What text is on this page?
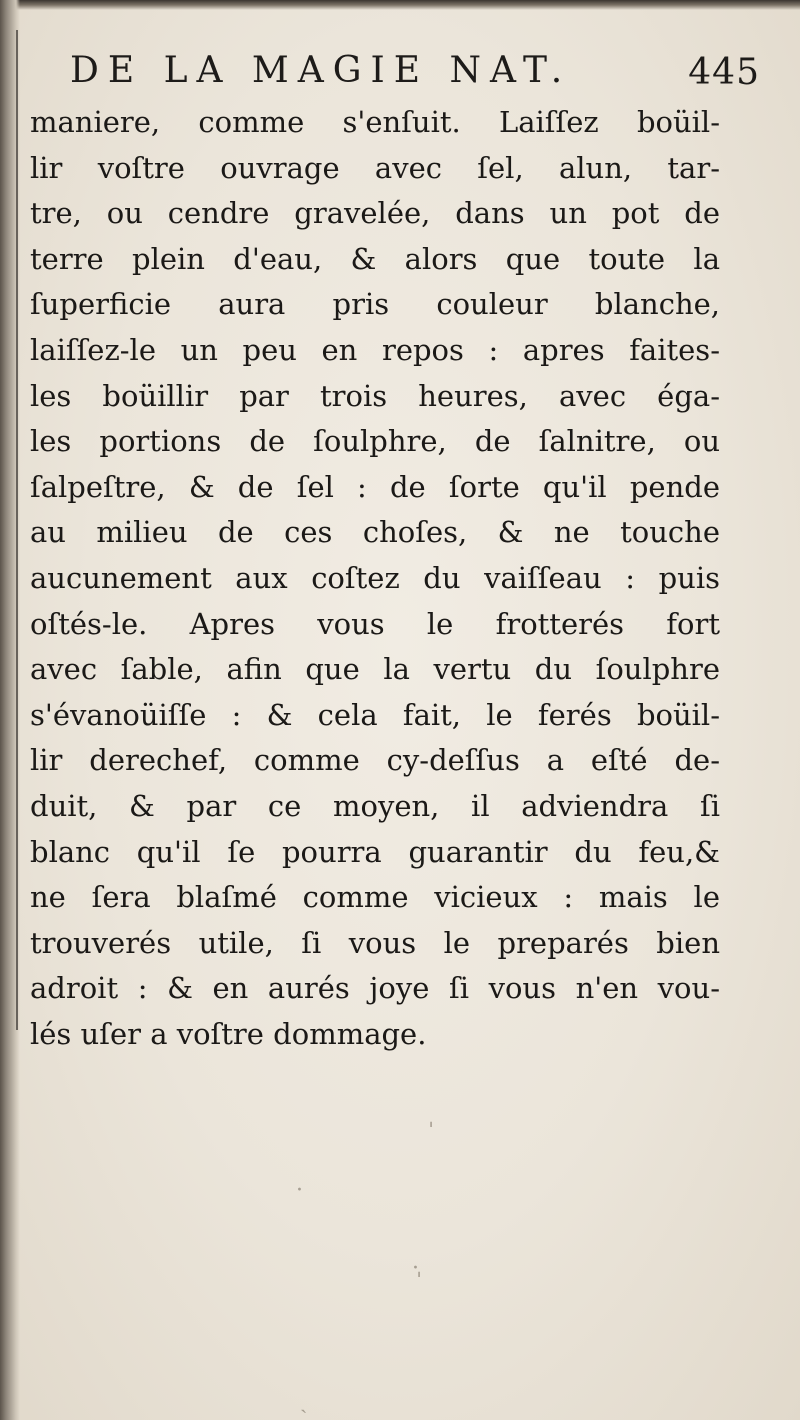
DE LA MAGIE NAT.	445
maniere, comme s'enſuit. Laiſſez boüil-
lir voſtre ouvrage avec ſel, alun, tar-
tre, ou cendre gravelée, dans un pot de
terre plein d'eau, & alors que toute la
ſuperficie aura pris couleur blanche,
laiſſez-le un peu en repos : apres faites-
les boüillir par trois heures, avec éga-
les portions de ſoulphre, de ſalnitre, ou
ſalpeſtre, & de ſel : de ſorte qu'il pende
au milieu de ces choſes, & ne touche
aucunement aux coſtez du vaiſſeau : puis
oſtés-le. Apres vous le frotterés fort
avec ſable, afin que la vertu du ſoulphre
s'évanoüiſſe : & cela fait, le ferés boüil-
lir derechef, comme cy-deſſus a eſté de-
duit, & par ce moyen, il adviendra ſi
blanc qu'il ſe pourra guarantir du feu,&
ne ſera blaſmé comme vicieux : mais le
trouverés utile, ſi vous le preparés bien
adroit : & en aurés joye ſi vous n'en vou-
lés uſer a voſtre dommage.
ˈ
·
·
ˈ
ˏ
